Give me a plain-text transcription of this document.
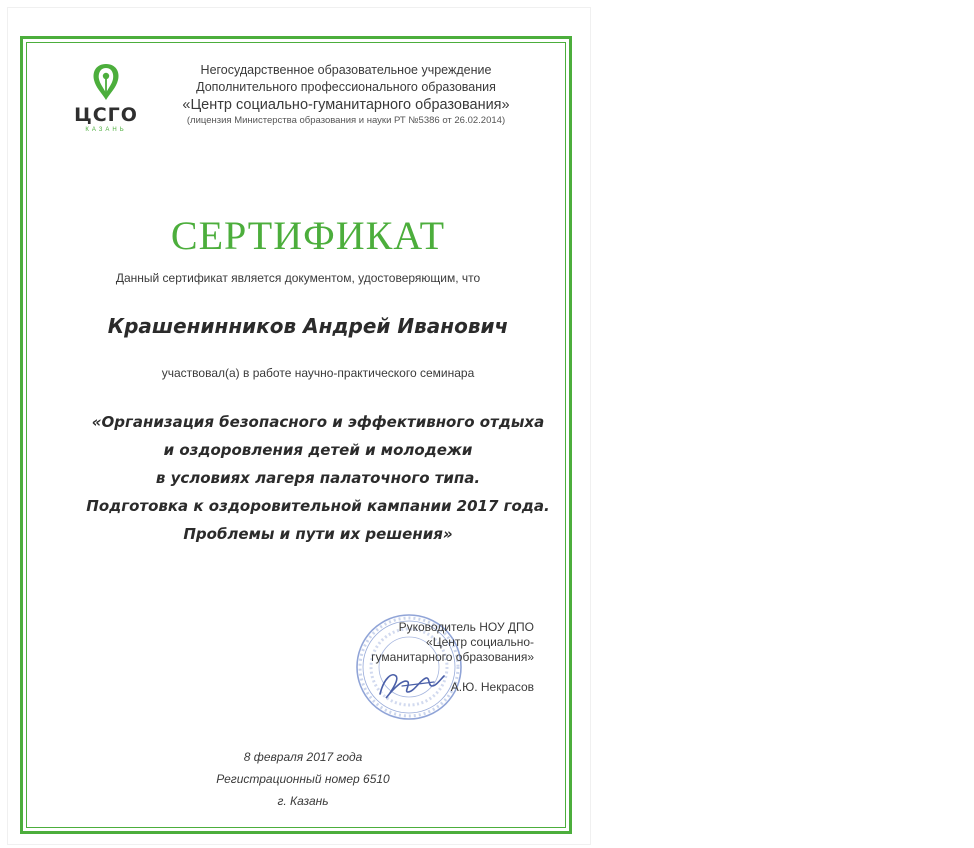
ЦСГО
КАЗАНЬ
Негосударственное образовательное учреждение
Дополнительного профессионального образования
«Центр социально-гуманитарного образования»
(лицензия Министерства образования и науки РТ №5386 от 26.02.2014)
СЕРТИФИКАТ
Данный сертификат является документом, удостоверяющим, что
Крашенинников Андрей Иванович
участвовал(а) в работе научно-практического семинара
«Организация безопасного и эффективного отдыха
и оздоровления детей и молодежи
в условиях лагеря палаточного типа.
Подготовка к оздоровительной кампании 2017 года.
Проблемы и пути их решения»
Руководитель НОУ ДПО
«Центр социально-
гуманитарного образования»
А.Ю. Некрасов
8 февраля 2017 года
Регистрационный номер 6510
г. Казань
